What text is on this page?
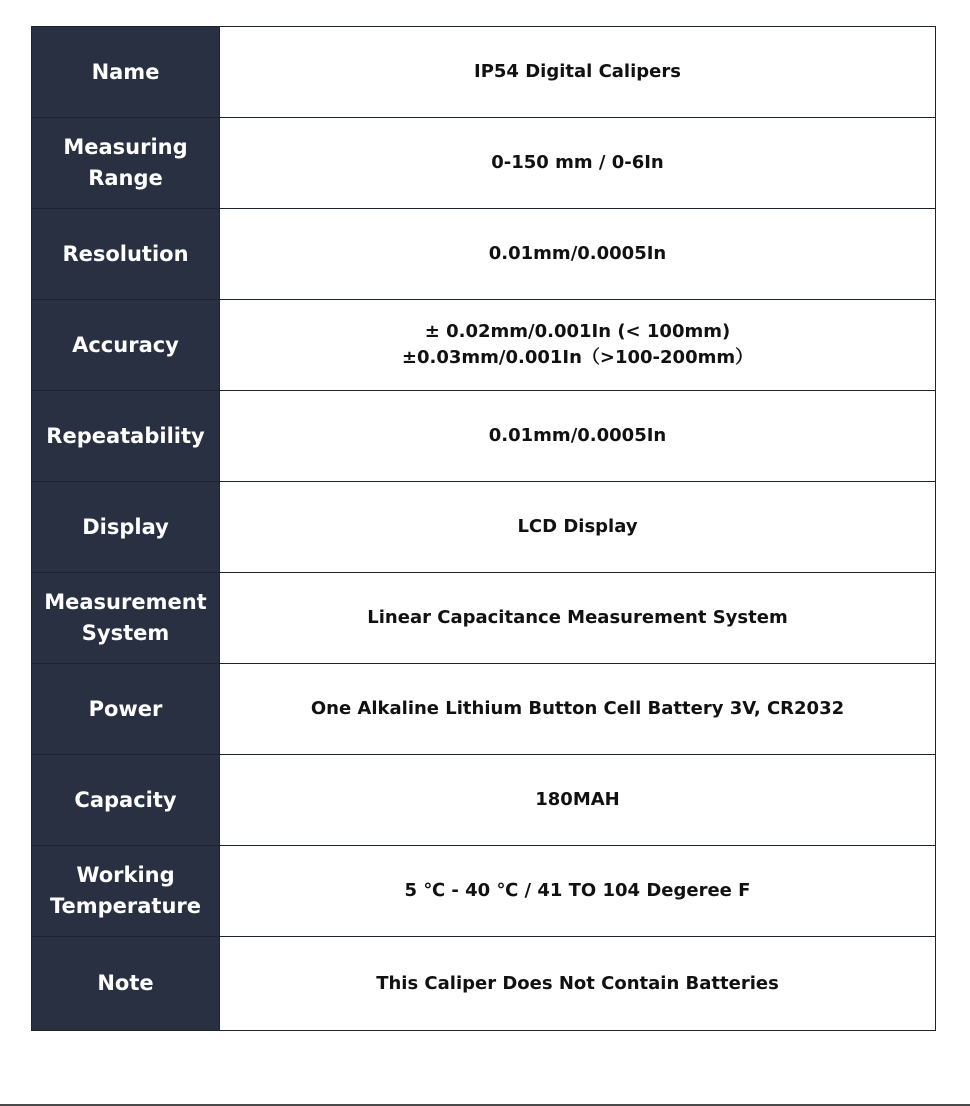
Name	IP54 Digital Calipers

Measuring Range	0-150 mm / 0-6In

Resolution	0.01mm/0.0005In

Accuracy	± 0.02mm/0.001In (< 100mm)
±0.03mm/0.001In（>100-200mm）

Repeatability	0.01mm/0.0005In

Display	LCD Display

Measurement System	Linear Capacitance Measurement System

Power	One Alkaline Lithium Button Cell Battery 3V, CR2032

Capacity	180MAH

Working Temperature	5 ℃ - 40 ℃ / 41 TO 104 Degeree F

Note	This Caliper Does Not Contain Batteries
